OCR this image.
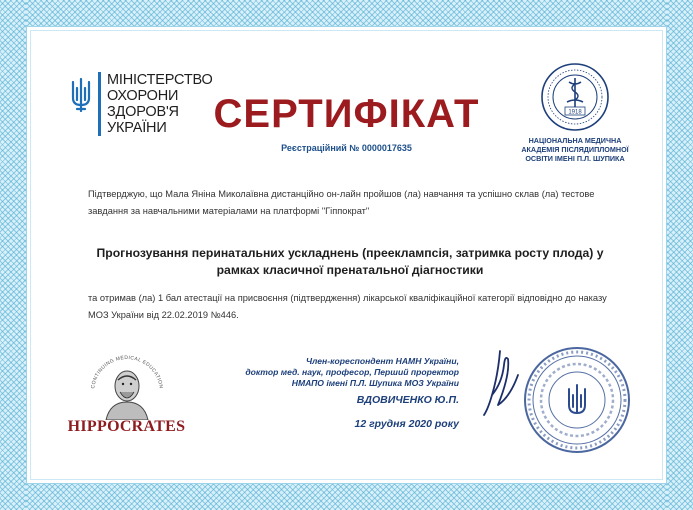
МІНІСТЕРСТВО
ОХОРОНИ
ЗДОРОВ'Я
УКРАЇНИ	СЕРТИФІКАТ
Реєстраційний № 0000017635
1918
НАЦІОНАЛЬНА МЕДИЧНА
АКАДЕМІЯ ПІСЛЯДИПЛОМНОЇ
ОСВІТИ ІМЕНІ П.Л. ШУПИКА
Підтверджую, що Мала Яніна Миколаївна дистанційно он-лайн пройшов (ла) навчання та успішно склав (ла) тестове завдання за навчальними матеріалами на платформі "Гіппократ"
Прогнозування перинатальних ускладнень (прееклампсія, затримка росту плода) у рамках класичної пренатальної діагностики
та отримав (ла) 1 бал атестації на присвоєння (підтвердження) лікарської кваліфікаційної категорії відповідно до наказу МОЗ України від 22.02.2019 №446.
CONTINUING MEDICAL EDUCATION
HIPPOCRATES
Член-кореспондент НАМН України,
доктор мед. наук, професор, Перший проректор
НМАПО імені П.Л. Шупика МОЗ України
ВДОВИЧЕНКО Ю.П.
12 грудня 2020 року
